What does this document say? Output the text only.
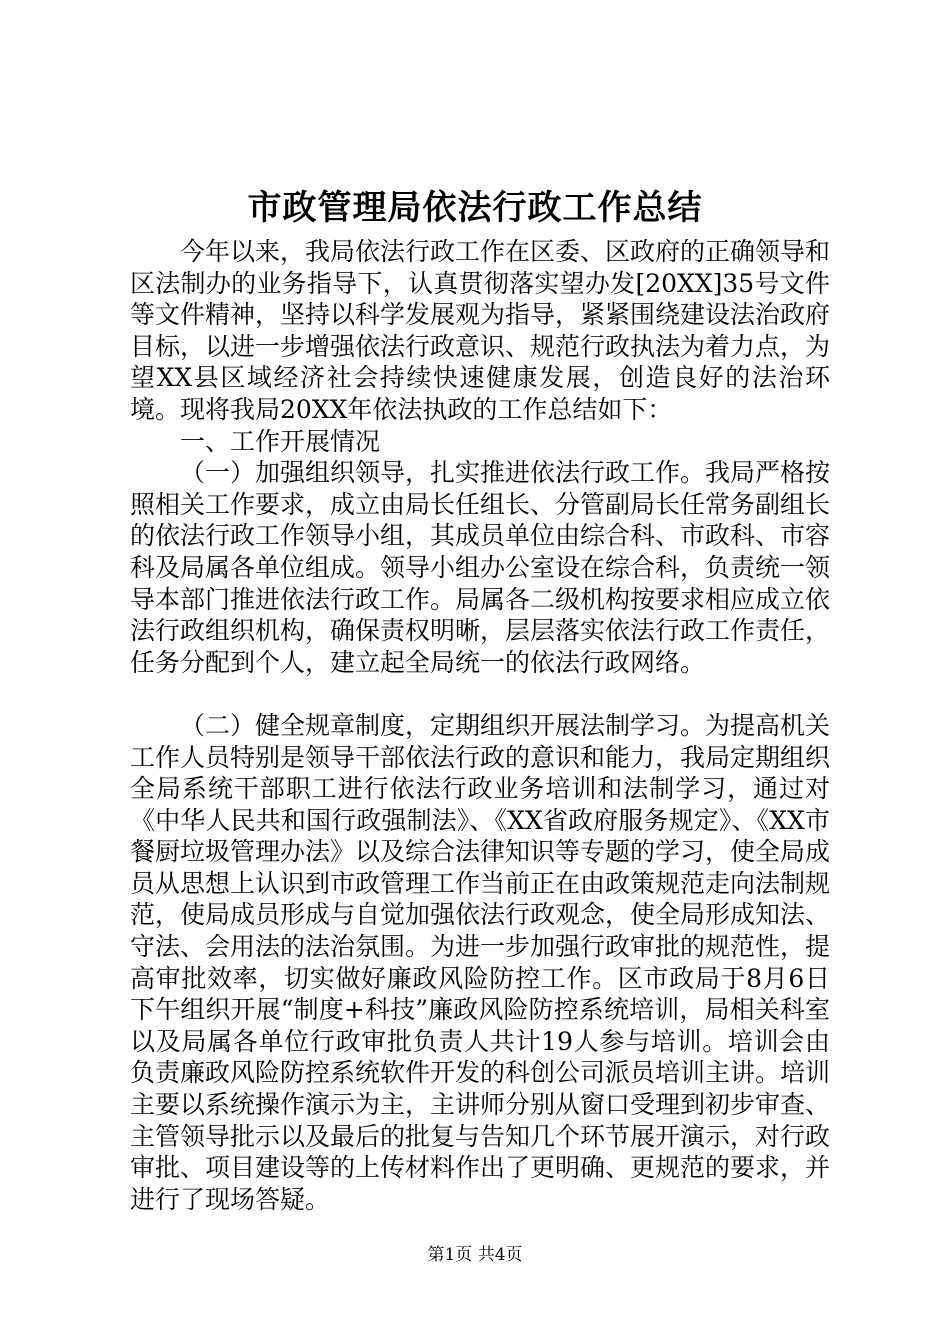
市政管理局依法行政工作总结

今年以来，我局依法行政工作在区委、区政府的正确领导和区法制办的业务指导下，认真贯彻落实望办发[20XX]35号文件等文件精神，坚持以科学发展观为指导，紧紧围绕建设法治政府目标，以进一步增强依法行政意识、规范行政执法为着力点，为望XX县区域经济社会持续快速健康发展，创造良好的法治环境。现将我局20XX年依法执政的工作总结如下：

一、工作开展情况

（一）加强组织领导，扎实推进依法行政工作。我局严格按照相关工作要求，成立由局长任组长、分管副局长任常务副组长的依法行政工作领导小组，其成员单位由综合科、市政科、市容科及局属各单位组成。领导小组办公室设在综合科，负责统一领导本部门推进依法行政工作。局属各二级机构按要求相应成立依法行政组织机构，确保责权明晰，层层落实依法行政工作责任，任务分配到个人，建立起全局统一的依法行政网络。

（二）健全规章制度，定期组织开展法制学习。为提高机关工作人员特别是领导干部依法行政的意识和能力，我局定期组织全局系统干部职工进行依法行政业务培训和法制学习，通过对《中华人民共和国行政强制法》、《XX省政府服务规定》、《XX市餐厨垃圾管理办法》以及综合法律知识等专题的学习，使全局成员从思想上认识到市政管理工作当前正在由政策规范走向法制规范，使局成员形成与自觉加强依法行政观念，使全局形成知法、守法、会用法的法治氛围。为进一步加强行政审批的规范性，提高审批效率，切实做好廉政风险防控工作。区市政局于8月6日下午组织开展“制度+科技”廉政风险防控系统培训，局相关科室以及局属各单位行政审批负责人共计19人参与培训。培训会由负责廉政风险防控系统软件开发的科创公司派员培训主讲。培训主要以系统操作演示为主，主讲师分别从窗口受理到初步审查、主管领导批示以及最后的批复与告知几个环节展开演示，对行政审批、项目建设等的上传材料作出了更明确、更规范的要求，并进行了现场答疑。

第1页 共4页
